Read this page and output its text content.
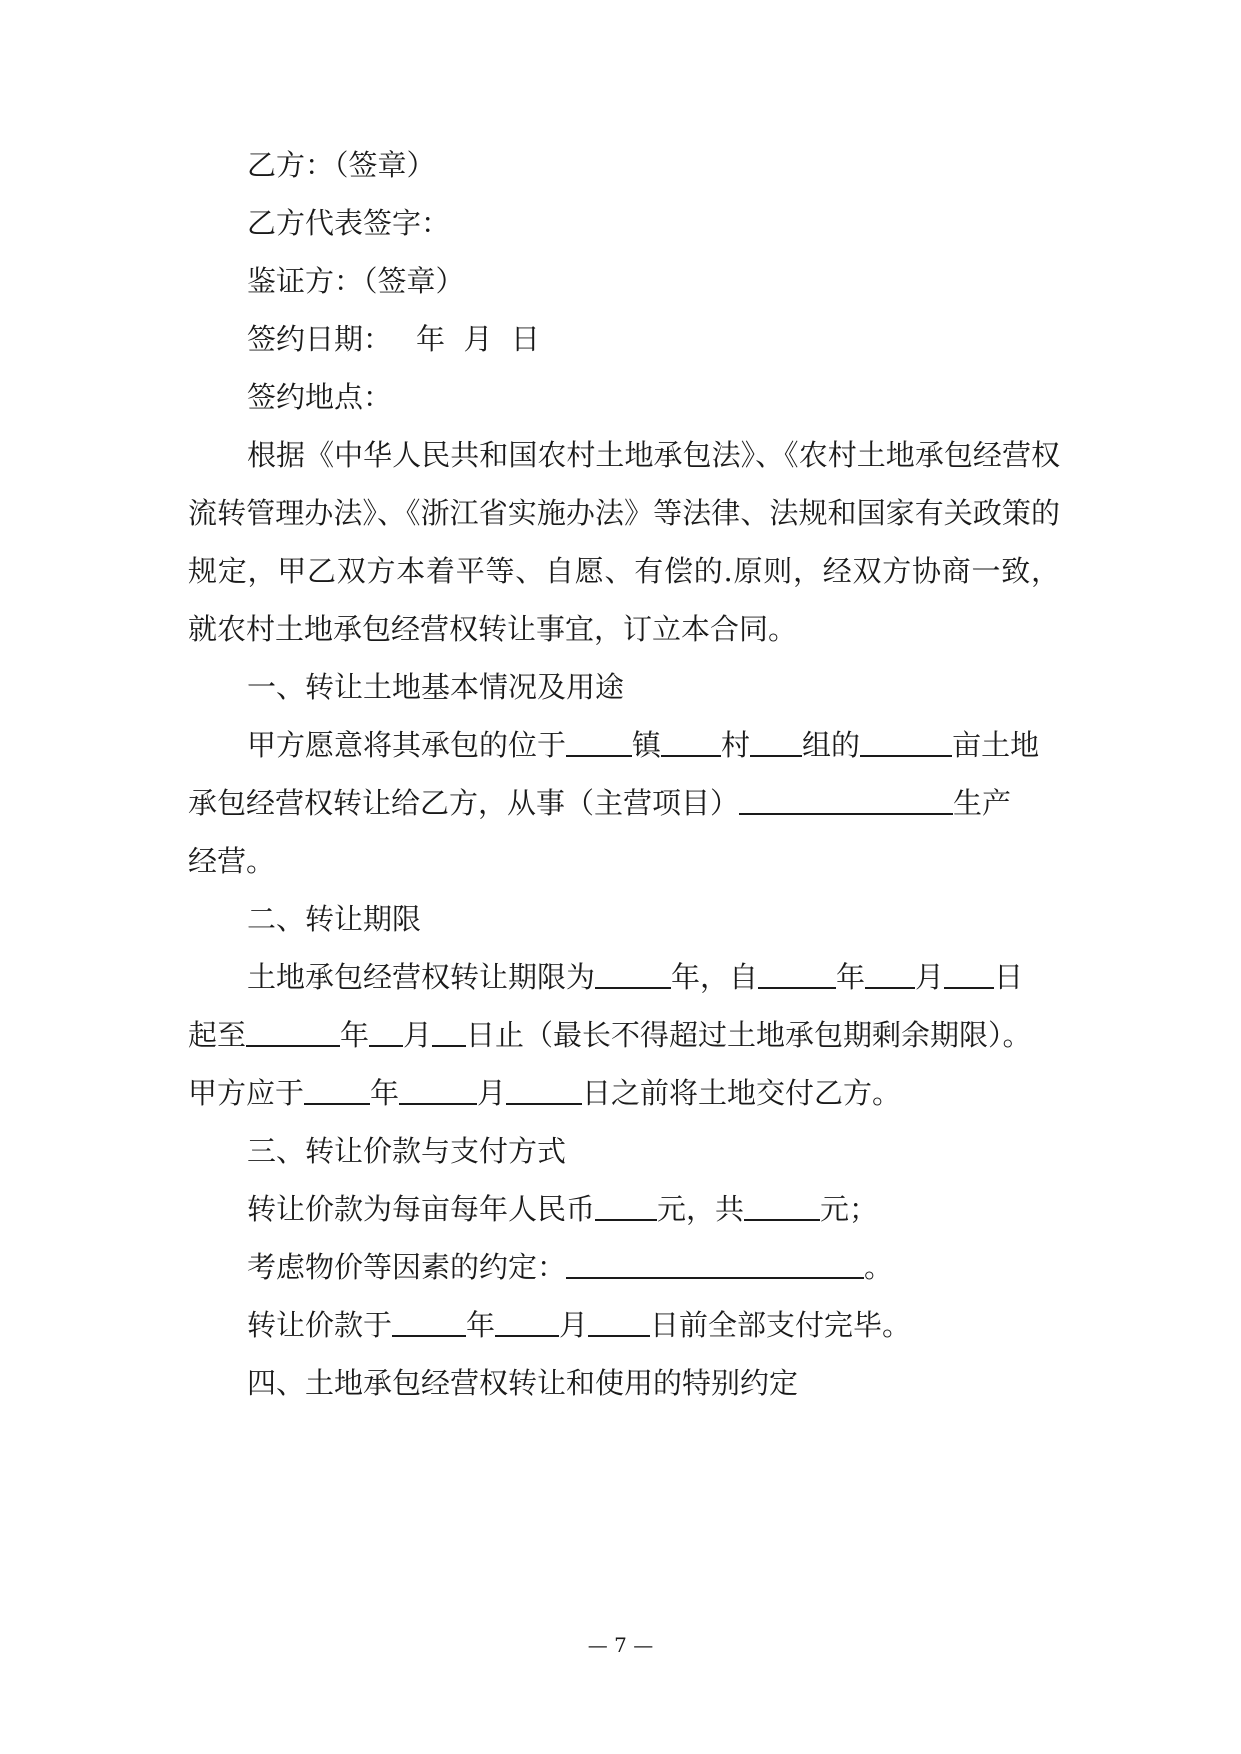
乙方：（签章）
乙方代表签字：
鉴证方：（签章）
签约日期： 年  月  日
签约地点：
根据《中华人民共和国农村土地承包法》、《农村土地承包经营权
流转管理办法》、《浙江省实施办法》等法律、法规和国家有关政策的
规定，甲乙双方本着平等、自愿、有偿的.原则，经双方协商一致，
就农村土地承包经营权转让事宜，订立本合同。
一、转让土地基本情况及用途
甲方愿意将其承包的位于 镇 村 组的	亩土地
承包经营权转让给乙方，从事（主营项目）	生产
经营。
二、转让期限
土地承包经营权转让期限为	年，自	年 月 日
起至	年 月 日止（最长不得超过土地承包期剩余期限）。
甲方应于 年	月	日之前将土地交付乙方。
三、转让价款与支付方式
转让价款为每亩每年人民币 元，共	元；
考虑物价等因素的约定：	。
转让价款于	年 月 日前全部支付完毕。
四、土地承包经营权转让和使用的特别约定
— 7 —
